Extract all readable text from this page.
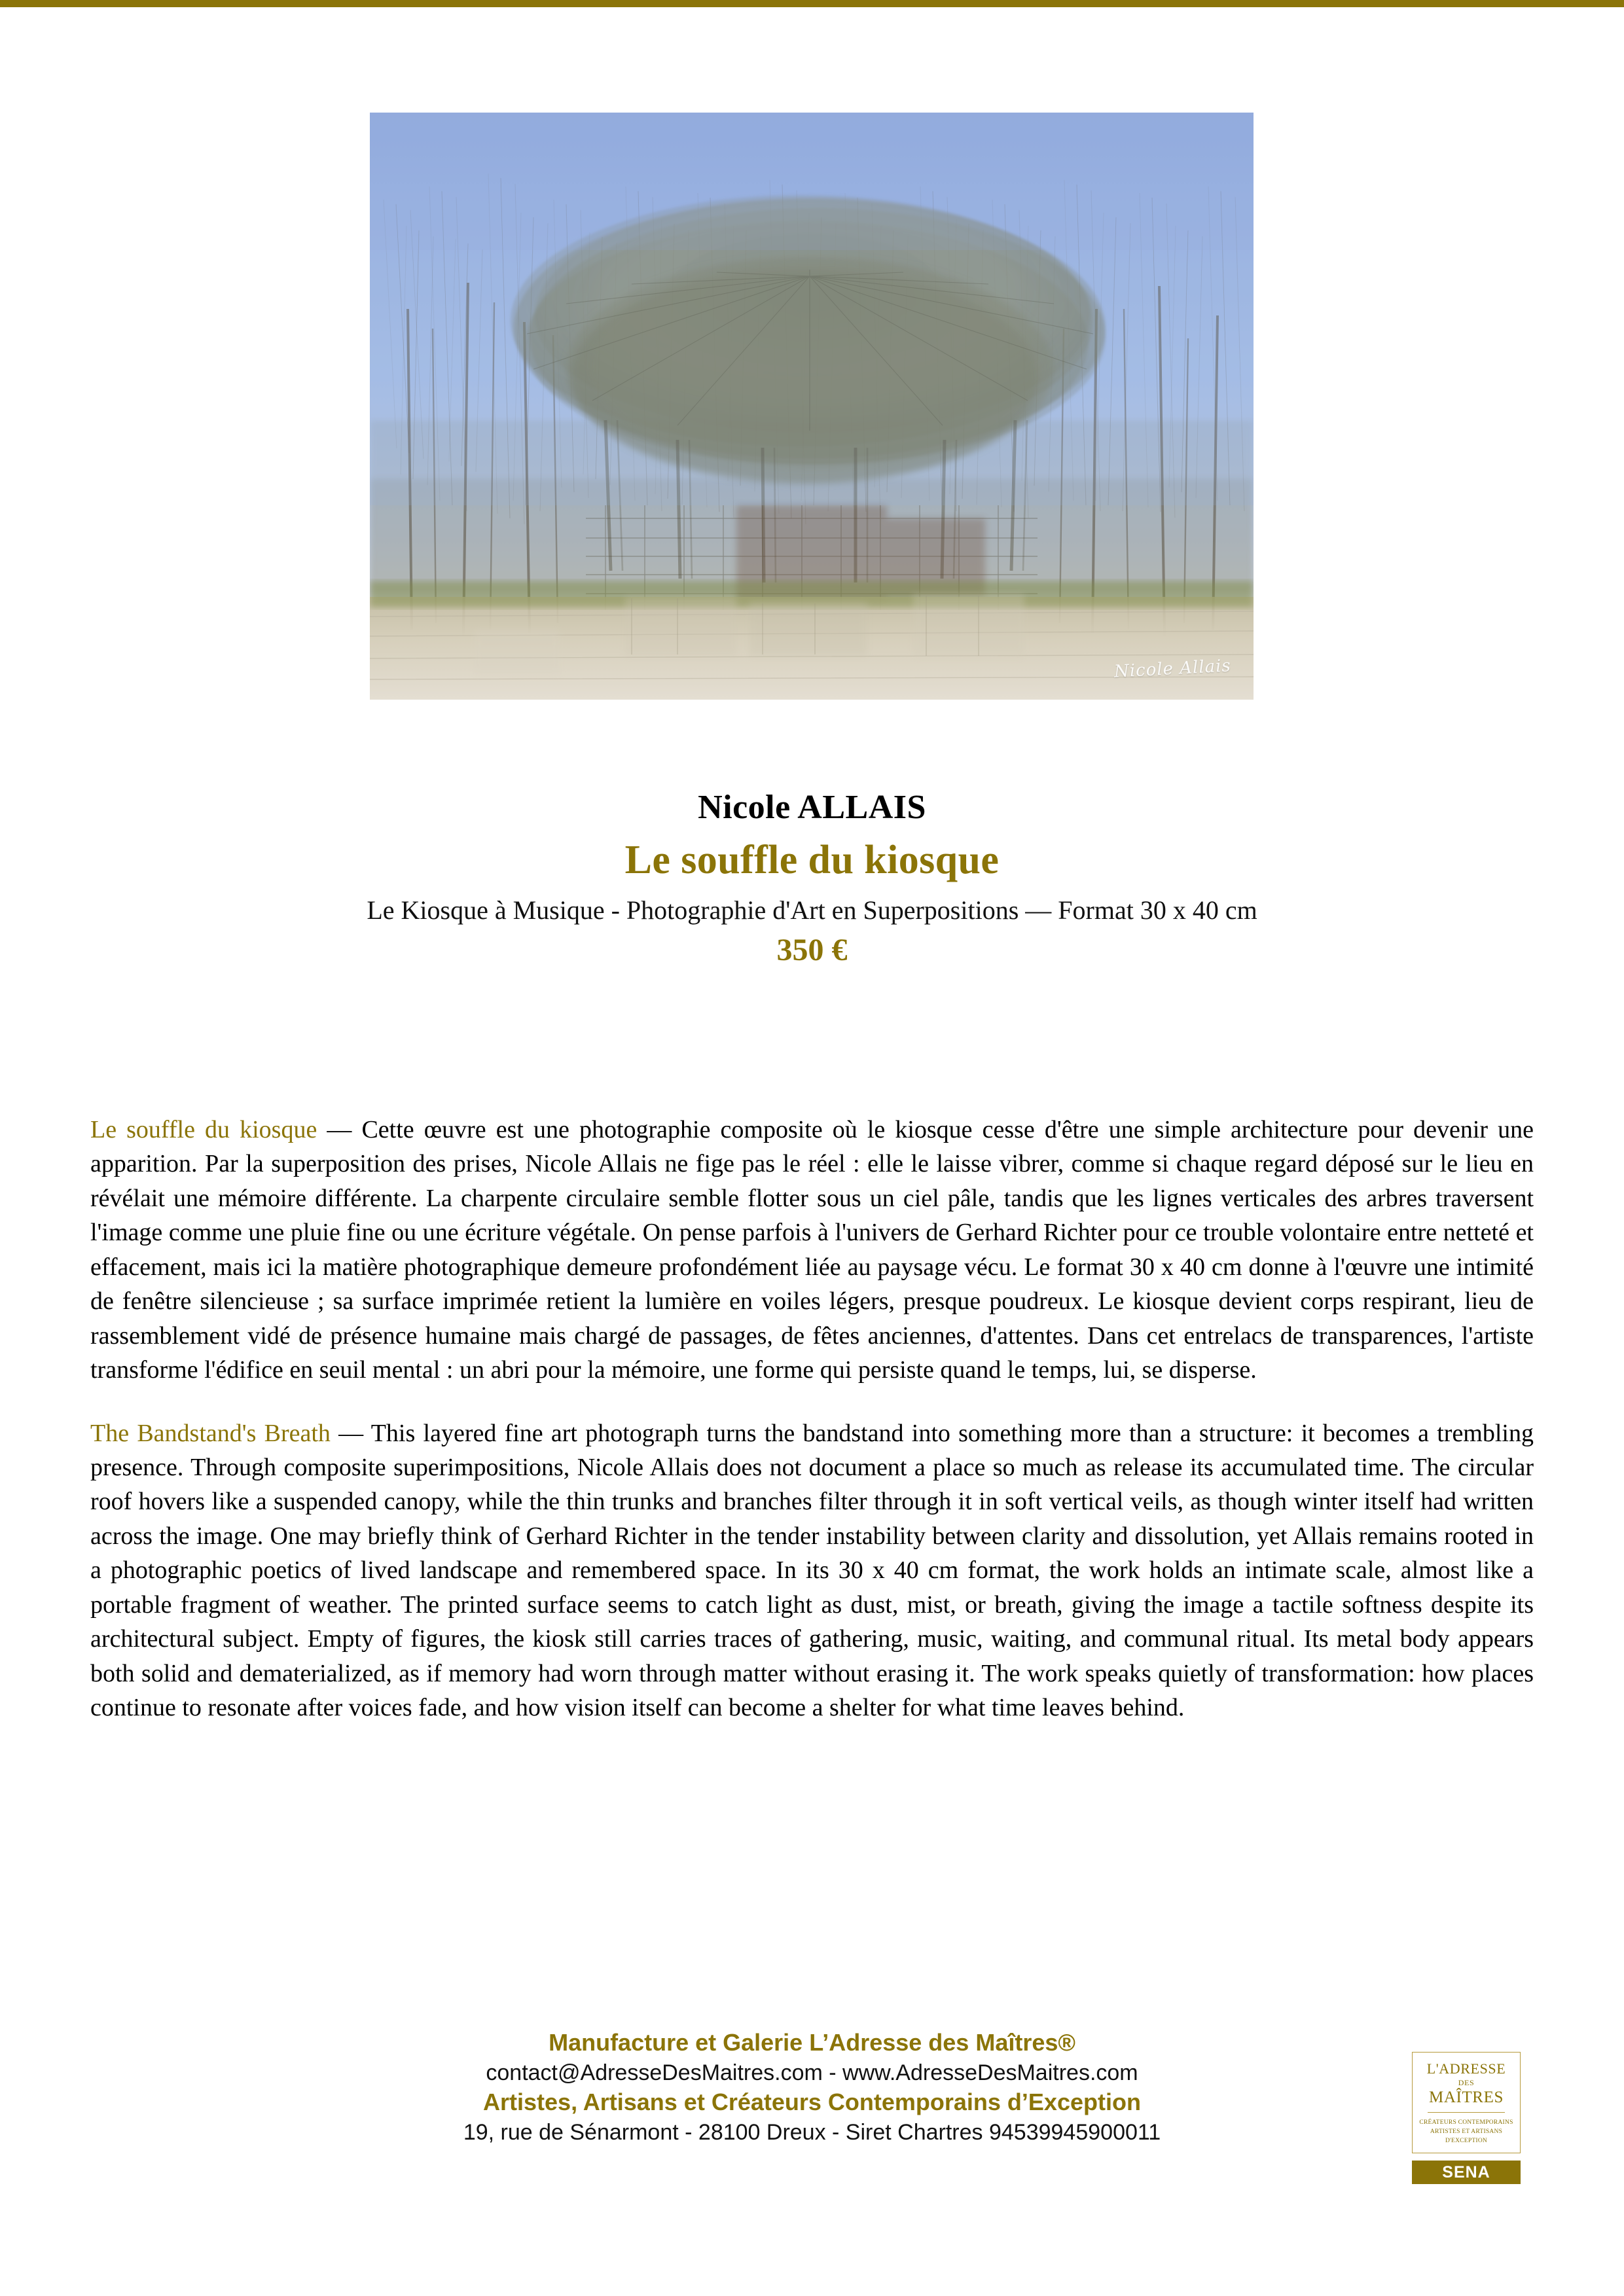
Nicole Allais
Nicole ALLAIS
Le souffle du kiosque
Le Kiosque à Musique - Photographie d'Art en Superpositions — Format 30 x 40 cm
350 €

Le souffle du kiosque — Cette œuvre est une photographie composite où le kiosque cesse d'être une simple architecture pour devenir une apparition. Par la superposition des prises, Nicole Allais ne fige pas le réel : elle le laisse vibrer, comme si chaque regard déposé sur le lieu en révélait une mémoire différente. La charpente circulaire semble flotter sous un ciel pâle, tandis que les lignes verticales des arbres traversent l'image comme une pluie fine ou une écriture végétale. On pense parfois à l'univers de Gerhard Richter pour ce trouble volontaire entre netteté et effacement, mais ici la matière photographique demeure profondément liée au paysage vécu. Le format 30 x 40 cm donne à l'œuvre une intimité de fenêtre silencieuse ; sa surface imprimée retient la lumière en voiles légers, presque poudreux. Le kiosque devient corps respirant, lieu de rassemblement vidé de présence humaine mais chargé de passages, de fêtes anciennes, d'attentes. Dans cet entrelacs de transparences, l'artiste transforme l'édifice en seuil mental : un abri pour la mémoire, une forme qui persiste quand le temps, lui, se disperse.

The Bandstand's Breath — This layered fine art photograph turns the bandstand into something more than a structure: it becomes a trembling presence. Through composite superimpositions, Nicole Allais does not document a place so much as release its accumulated time. The circular roof hovers like a suspended canopy, while the thin trunks and branches filter through it in soft vertical veils, as though winter itself had written across the image. One may briefly think of Gerhard Richter in the tender instability between clarity and dissolution, yet Allais remains rooted in a photographic poetics of lived landscape and remembered space. In its 30 x 40 cm format, the work holds an intimate scale, almost like a portable fragment of weather. The printed surface seems to catch light as dust, mist, or breath, giving the image a tactile softness despite its architectural subject. Empty of figures, the kiosk still carries traces of gathering, music, waiting, and communal ritual. Its metal body appears both solid and dematerialized, as if memory had worn through matter without erasing it. The work speaks quietly of transformation: how places continue to resonate after voices fade, and how vision itself can become a shelter for what time leaves behind.

Manufacture et Galerie L’Adresse des Maîtres®
contact@AdresseDesMaitres.com - www.AdresseDesMaitres.com
Artistes, Artisans et Créateurs Contemporains d’Exception
19, rue de Sénarmont - 28100 Dreux - Siret Chartres 94539945900011
L'ADRESSE
DES
MAÎTRES
CRÉATEURS CONTEMPORAINS
ARTISTES ET ARTISANS
D'EXCEPTION
SENA
